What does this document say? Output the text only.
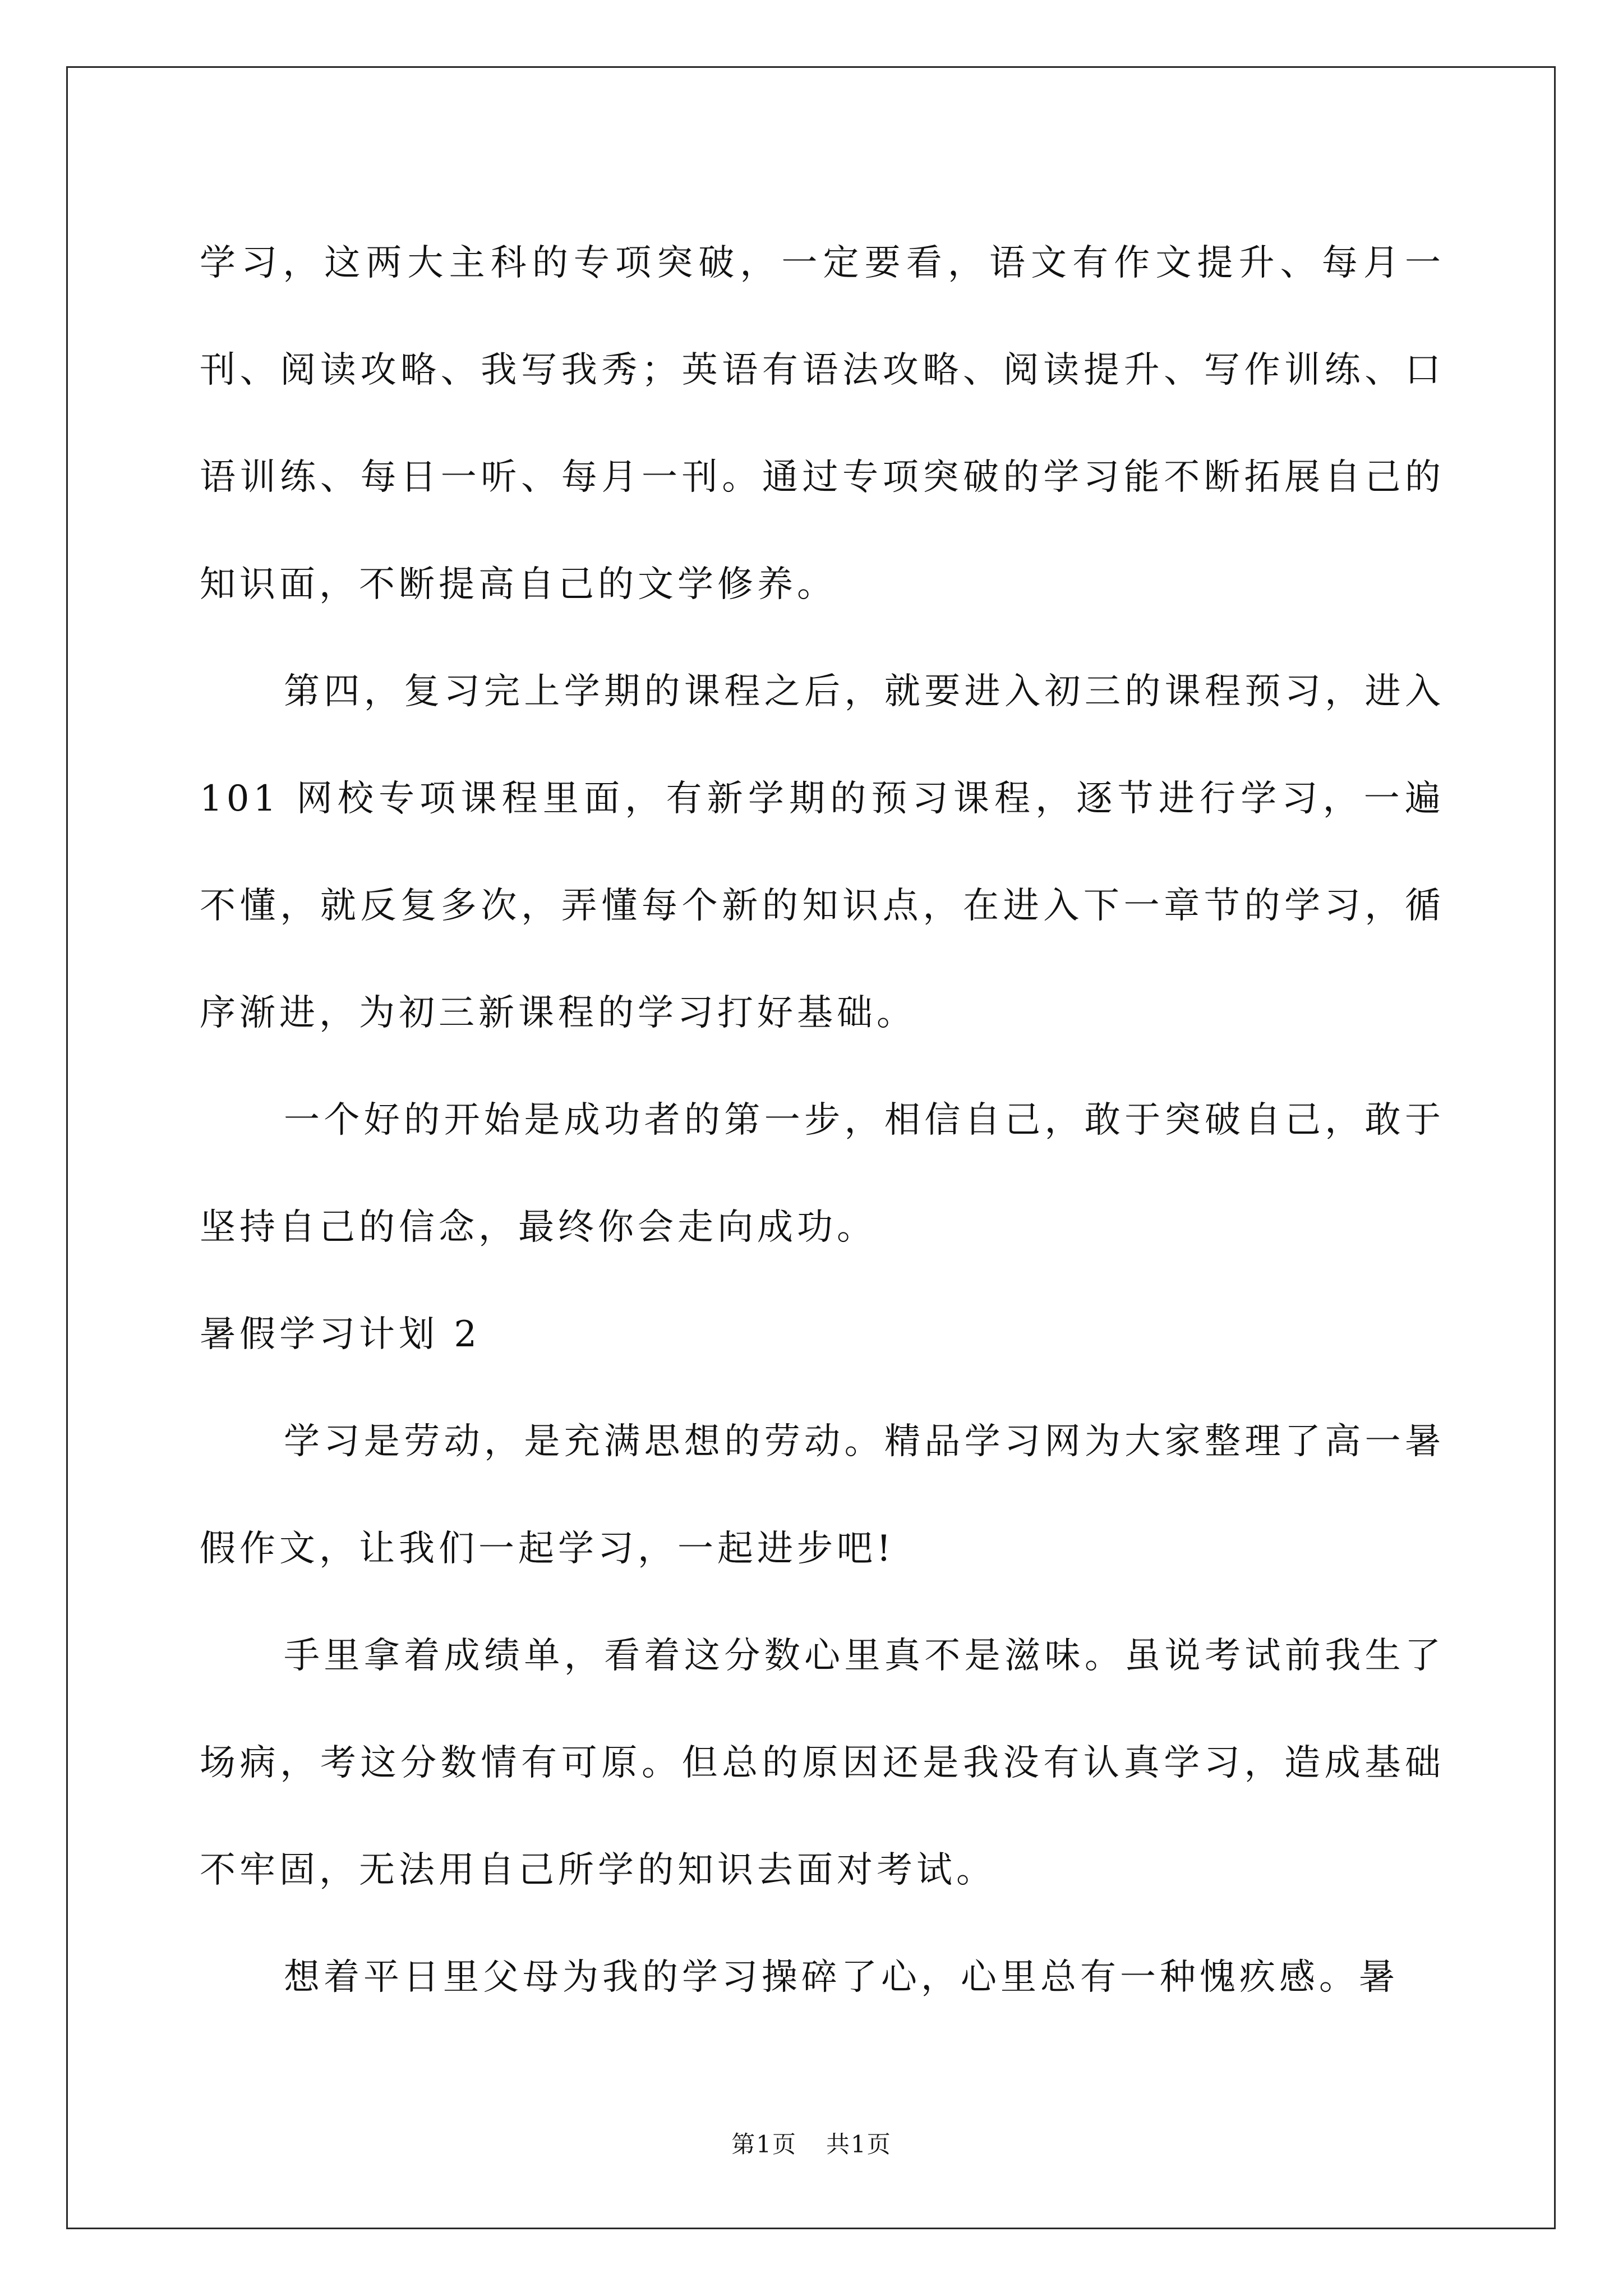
学习，这两大主科的专项突破，一定要看，语文有作文提升、每月一刊、阅读攻略、我写我秀；英语有语法攻略、阅读提升、写作训练、口语训练、每日一听、每月一刊。通过专项突破的学习能不断拓展自己的知识面，不断提高自己的文学修养。

第四，复习完上学期的课程之后，就要进入初三的课程预习，进入 101 网校专项课程里面，有新学期的预习课程，逐节进行学习，一遍不懂，就反复多次，弄懂每个新的知识点，在进入下一章节的学习，循序渐进，为初三新课程的学习打好基础。

一个好的开始是成功者的第一步，相信自己，敢于突破自己，敢于坚持自己的信念，最终你会走向成功。

暑假学习计划 2

学习是劳动，是充满思想的劳动。精品学习网为大家整理了高一暑假作文，让我们一起学习，一起进步吧!

手里拿着成绩单，看着这分数心里真不是滋味。虽说考试前我生了场病，考这分数情有可原。但总的原因还是我没有认真学习，造成基础不牢固，无法用自己所学的知识去面对考试。

想着平日里父母为我的学习操碎了心，心里总有一种愧疚感。暑

第1页 共1页
